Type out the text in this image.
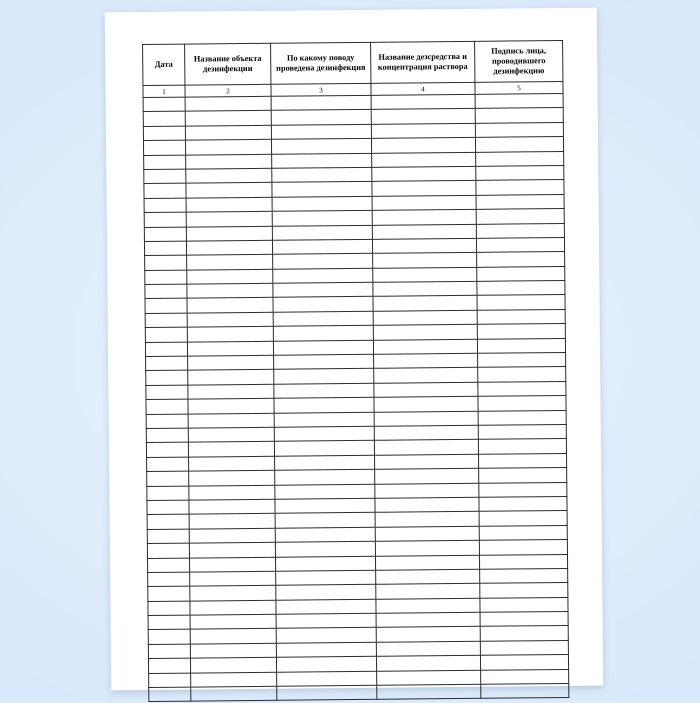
Дата	Название объекта дезинфекции	По какому поводу проведена дезинфекция	Название дезсредства и концентрация раствора	Подпись лица, проводившего дезинфекцию
1	2	3	4	5
